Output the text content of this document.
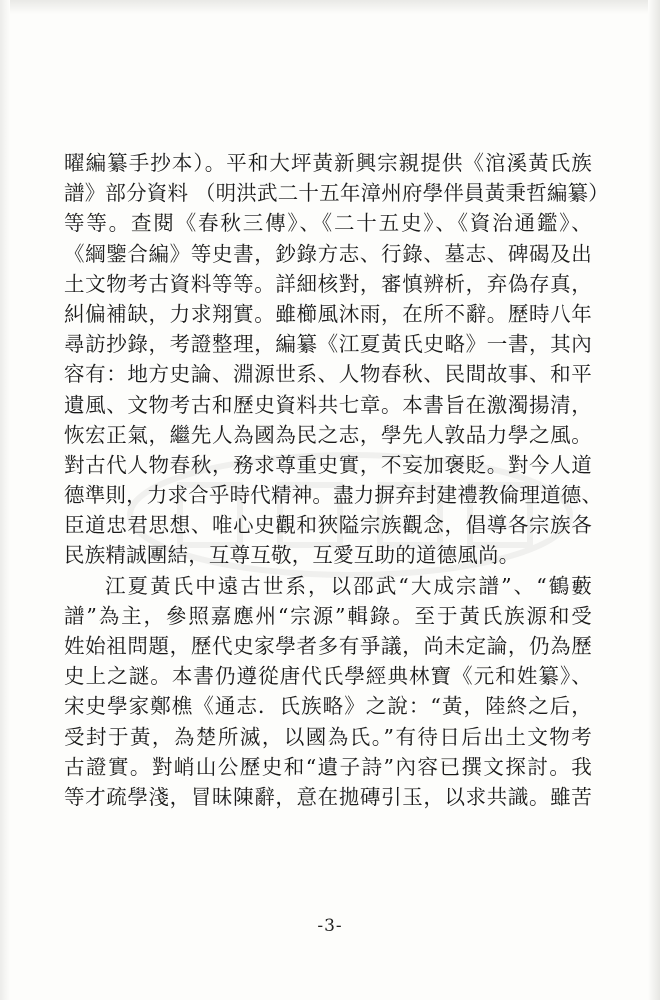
曜編纂手抄本）。平和大坪黃新興宗親提供《涫溪黃氏族
譜》部分資料 （明洪武二十五年漳州府學伴員黃秉哲編纂）
等等。查閱《春秋三傳》、《二十五史》、《資治通鑑》、
《綱鑒合編》等史書，鈔錄方志、行錄、墓志、碑碣及出
土文物考古資料等等。詳細核對，審慎辨析，弃偽存真，
糾偏補缺，力求翔實。雖櫛風沐雨，在所不辭。歷時八年
尋訪抄錄，考證整理，編纂《江夏黃氏史略》一書，其內
容有：地方史論、淵源世系、人物春秋、民間故事、和平
遺風、文物考古和歷史資料共七章。本書旨在激濁揚清，
恢宏正氣，繼先人為國為民之志，學先人敦品力學之風。
對古代人物春秋，務求尊重史實，不妄加褒貶。對今人道
德準則，力求合乎時代精神。盡力摒弃封建禮教倫理道德、
臣道忠君思想、唯心史觀和狹隘宗族觀念，倡導各宗族各
民族精誠團結，互尊互敬，互愛互助的道德風尚。
江夏黃氏中遠古世系，以邵武“大成宗譜”、“鶴藪
譜”為主，參照嘉應州“宗源”輯錄。至于黃氏族源和受
姓始祖問題，歷代史家學者多有爭議，尚未定論，仍為歷
史上之謎。本書仍遵從唐代氏學經典林寶《元和姓纂》、
宋史學家鄭樵《通志．氏族略》之說：“黃，陸終之后，
受封于黃，為楚所滅，以國為氏。”有待日后出土文物考
古證實。對峭山公歷史和“遺子詩”內容已撰文探討。我
等才疏學淺，冒昧陳辭，意在拋磚引玉，以求共識。雖苦
-3-
